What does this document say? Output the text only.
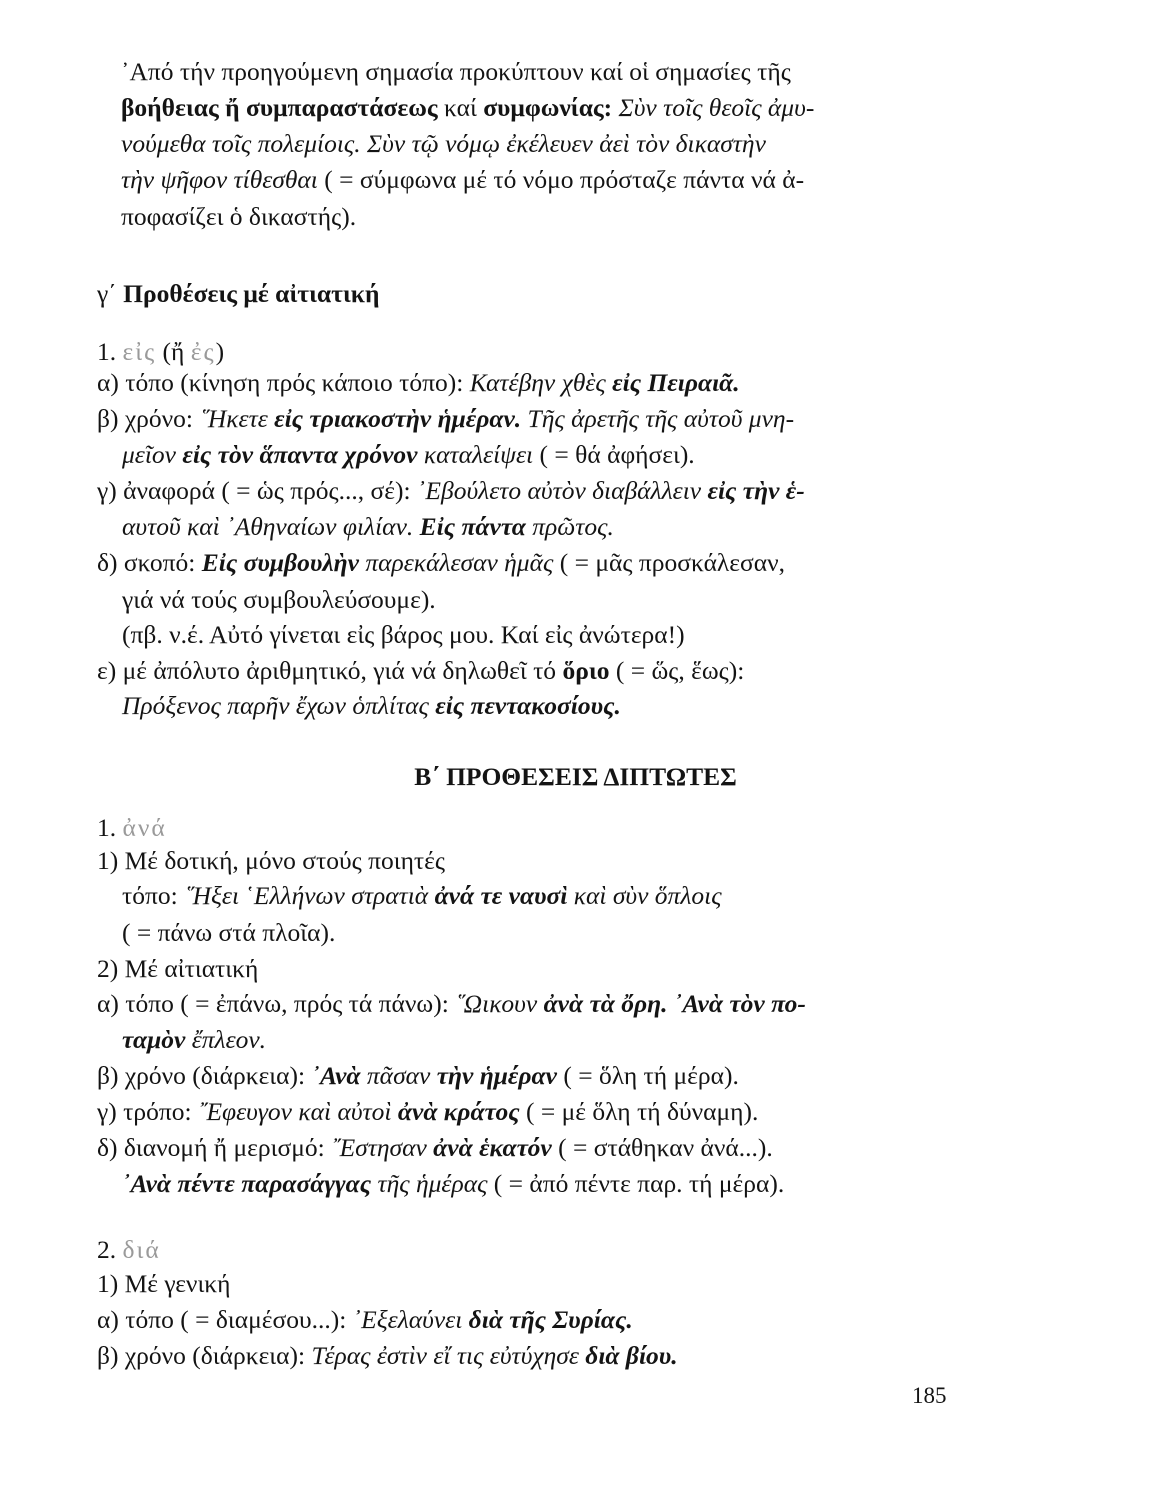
᾿Από τήν προηγούμενη σημασία προκύπτουν καί οἱ σημασίες τῆς
βοήθειας ἤ συμπαραστάσεως καί συμφωνίας: Σὺν τοῖς θεοῖς ἀμυ-
νούμεθα τοῖς πολεμίοις. Σὺν τῷ νόμῳ ἐκέλευεν ἀεὶ τὸν δικαστὴν
τὴν ψῆφον τίθεσθαι ( = σύμφωνα μέ τό νόμο πρόσταζε πάντα νά ἀ-
ποφασίζει ὁ δικαστής).
γ΄ Προθέσεις μέ αἰτιατική
1. εἰς (ἤ ἐς)
α) τόπο (κίνηση πρός κάποιο τόπο): Κατέβην χθὲς εἰς Πειραιᾶ.
β) χρόνο: ῞Ηκετε εἰς τριακοστὴν ἡμέραν. Τῆς ἀρετῆς τῆς αὐτοῦ μνη-
μεῖον εἰς τὸν ἅπαντα χρόνον καταλείψει ( = θά ἀφήσει).
γ) ἀναφορά ( = ὡς πρός..., σέ): ᾿Εβούλετο αὐτὸν διαβάλλειν εἰς τὴν ἑ-
αυτοῦ καὶ ᾿Αθηναίων φιλίαν. Εἰς πάντα πρῶτος.
δ) σκοπό: Εἰς συμβουλὴν παρεκάλεσαν ἡμᾶς ( = μᾶς προσκάλεσαν,
γιά νά τούς συμβουλεύσουμε).
(πβ. ν.έ. Αὐτό γίνεται εἰς βάρος μου. Καί εἰς ἀνώτερα!)
ε) μέ ἀπόλυτο ἀριθμητικό, γιά νά δηλωθεῖ τό ὅριο ( = ὥς, ἕως):
Πρόξενος παρῆν ἔχων ὁπλίτας εἰς πεντακοσίους.
Β΄ ΠΡΟΘΕΣΕΙΣ ΔΙΠΤΩΤΕΣ
1. ἀνά
1) Μέ δοτική, μόνο στούς ποιητές
τόπο: ῞Ηξει ῾Ελλήνων στρατιὰ ἀνά τε ναυσὶ καὶ σὺν ὅπλοις
( = πάνω στά πλοῖα).
2) Μέ αἰτιατική
α) τόπο ( = ἐπάνω, πρός τά πάνω): ῞Ωικουν ἀνὰ τὰ ὄρη. ᾿Ανὰ τὸν πο-
ταμὸν ἔπλεον.
β) χρόνο (διάρκεια): ᾿Ανὰ πᾶσαν τὴν ἡμέραν ( = ὅλη τή μέρα).
γ) τρόπο: ῎Εφευγον καὶ αὐτοὶ ἀνὰ κράτος ( = μέ ὅλη τή δύναμη).
δ) διανομή ἤ μερισμό: ῎Εστησαν ἀνὰ ἑκατόν ( = στάθηκαν ἀνά...).
᾿Ανὰ πέντε παρασάγγας τῆς ἡμέρας ( = ἀπό πέντε παρ. τή μέρα).
2. διά
1) Μέ γενική
α) τόπο ( = διαμέσου...): ᾿Εξελαύνει διὰ τῆς Συρίας.
β) χρόνο (διάρκεια): Τέρας ἐστὶν εἴ τις εὐτύχησε διὰ βίου.
185
